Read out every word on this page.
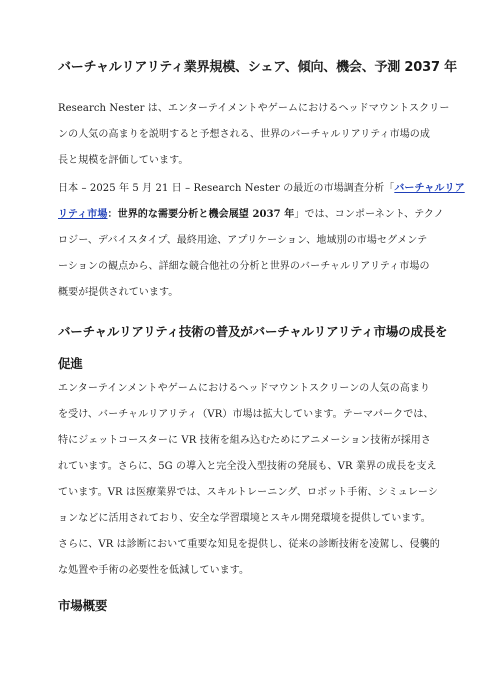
バーチャルリアリティ業界規模、シェア、傾向、機会、予測 2037 年

Research Nester は、エンターテイメントやゲームにおけるヘッドマウントスクリー
ンの人気の高まりを説明すると予想される、世界のバーチャルリアリティ市場の成
長と規模を評価しています。

日本 – 2025 年 5 月 21 日 – Research Nester の最近の市場調査分析「バーチャルリア
リティ市場：世界的な需要分析と機会展望 2037 年」では、コンポーネント、テクノ
ロジー、デバイスタイプ、最終用途、アプリケーション、地域別の市場セグメンテ
ーションの観点から、詳細な競合他社の分析と世界のバーチャルリアリティ市場の
概要が提供されています。

バーチャルリアリティ技術の普及がバーチャルリアリティ市場の成長を
促進

エンターテインメントやゲームにおけるヘッドマウントスクリーンの人気の高まり
を受け、バーチャルリアリティ（VR）市場は拡大しています。テーマパークでは、
特にジェットコースターに VR 技術を組み込むためにアニメーション技術が採用さ
れています。さらに、5G の導入と完全没入型技術の発展も、VR 業界の成長を支え
ています。VR は医療業界では、スキルトレーニング、ロボット手術、シミュレーシ
ョンなどに活用されており、安全な学習環境とスキル開発環境を提供しています。
さらに、VR は診断において重要な知見を提供し、従来の診断技術を凌駕し、侵襲的
な処置や手術の必要性を低減しています。

市場概要
